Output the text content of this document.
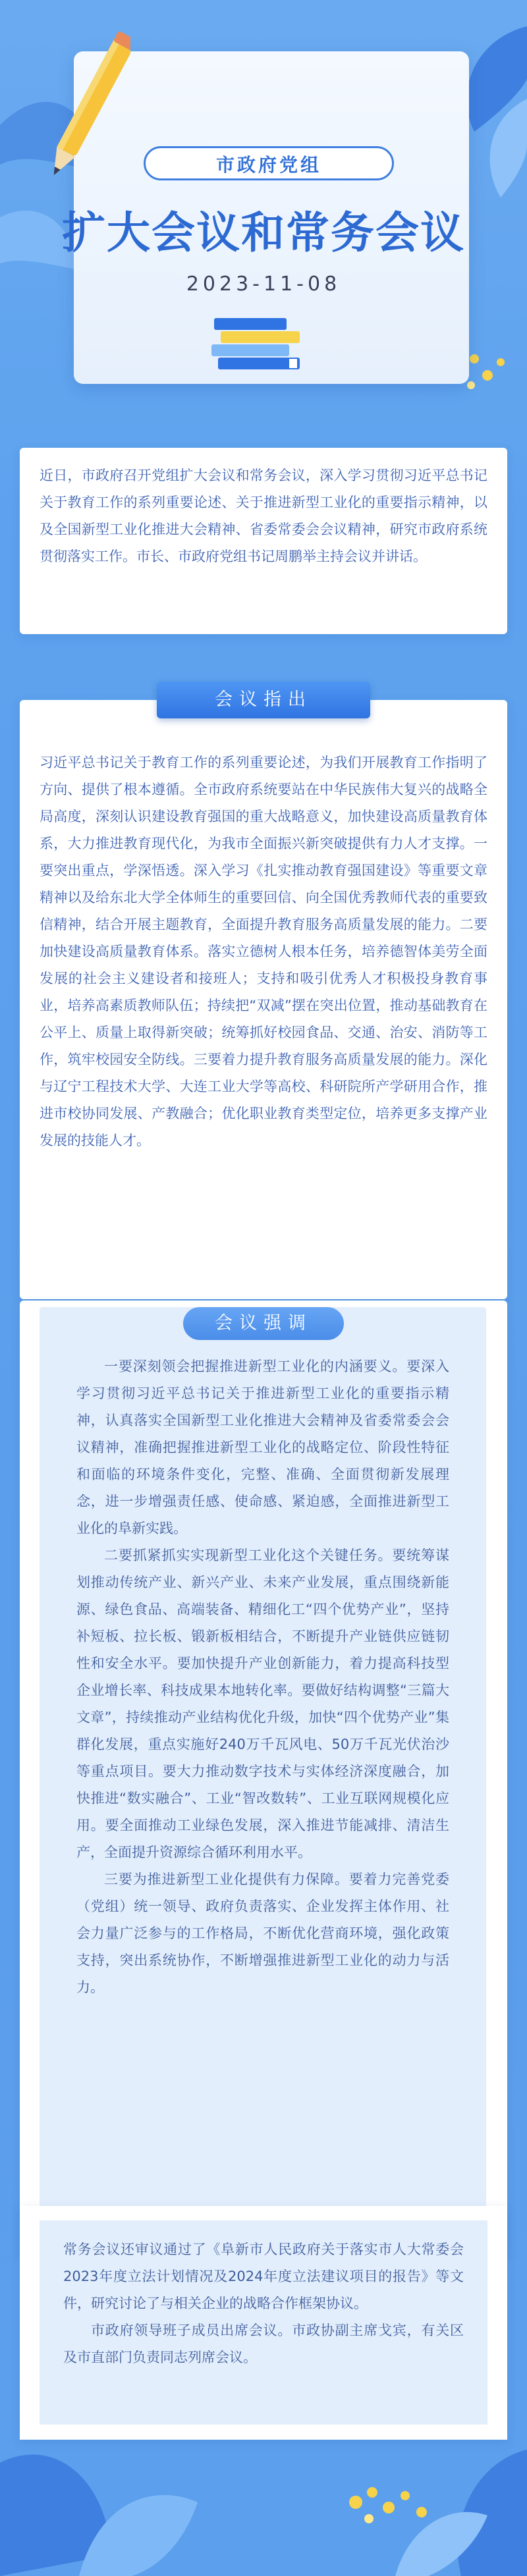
市政府党组
扩大会议和常务会议
2023-11-08

近日，市政府召开党组扩大会议和常务会议，深入学习贯彻习近平总书记关于教育工作的系列重要论述、关于推进新型工业化的重要指示精神，以及全国新型工业化推进大会精神、省委常委会会议精神，研究市政府系统贯彻落实工作。市长、市政府党组书记周鹏举主持会议并讲话。

习近平总书记关于教育工作的系列重要论述，为我们开展教育工作指明了方向、提供了根本遵循。全市政府系统要站在中华民族伟大复兴的战略全局高度，深刻认识建设教育强国的重大战略意义，加快建设高质量教育体系，大力推进教育现代化，为我市全面振兴新突破提供有力人才支撑。一要突出重点，学深悟透。深入学习《扎实推动教育强国建设》等重要文章精神以及给东北大学全体师生的重要回信、向全国优秀教师代表的重要致信精神，结合开展主题教育，全面提升教育服务高质量发展的能力。二要加快建设高质量教育体系。落实立德树人根本任务，培养德智体美劳全面发展的社会主义建设者和接班人；支持和吸引优秀人才积极投身教育事业，培养高素质教师队伍；持续把“双减”摆在突出位置，推动基础教育在公平上、质量上取得新突破；统筹抓好校园食品、交通、治安、消防等工作，筑牢校园安全防线。三要着力提升教育服务高质量发展的能力。深化与辽宁工程技术大学、大连工业大学等高校、科研院所产学研用合作，推进市校协同发展、产教融合；优化职业教育类型定位，培养更多支撑产业发展的技能人才。

会议指出

一要深刻领会把握推进新型工业化的内涵要义。要深入学习贯彻习近平总书记关于推进新型工业化的重要指示精神，认真落实全国新型工业化推进大会精神及省委常委会会议精神，准确把握推进新型工业化的战略定位、阶段性特征和面临的环境条件变化，完整、准确、全面贯彻新发展理念，进一步增强责任感、使命感、紧迫感，全面推进新型工业化的阜新实践。

二要抓紧抓实实现新型工业化这个关键任务。要统筹谋划推动传统产业、新兴产业、未来产业发展，重点围绕新能源、绿色食品、高端装备、精细化工“四个优势产业”，坚持补短板、拉长板、锻新板相结合，不断提升产业链供应链韧性和安全水平。要加快提升产业创新能力，着力提高科技型企业增长率、科技成果本地转化率。要做好结构调整“三篇大文章”，持续推动产业结构优化升级，加快“四个优势产业”集群化发展，重点实施好240万千瓦风电、50万千瓦光伏治沙等重点项目。要大力推动数字技术与实体经济深度融合，加快推进“数实融合”、工业“智改数转”、工业互联网规模化应用。要全面推动工业绿色发展，深入推进节能减排、清洁生产，全面提升资源综合循环利用水平。

三要为推进新型工业化提供有力保障。要着力完善党委（党组）统一领导、政府负责落实、企业发挥主体作用、社会力量广泛参与的工作格局，不断优化营商环境，强化政策支持，突出系统协作，不断增强推进新型工业化的动力与活力。

会议强调

常务会议还审议通过了《阜新市人民政府关于落实市人大常委会2023年度立法计划情况及2024年度立法建议项目的报告》等文件，研究讨论了与相关企业的战略合作框架协议。

市政府领导班子成员出席会议。市政协副主席戈宾，有关区及市直部门负责同志列席会议。
